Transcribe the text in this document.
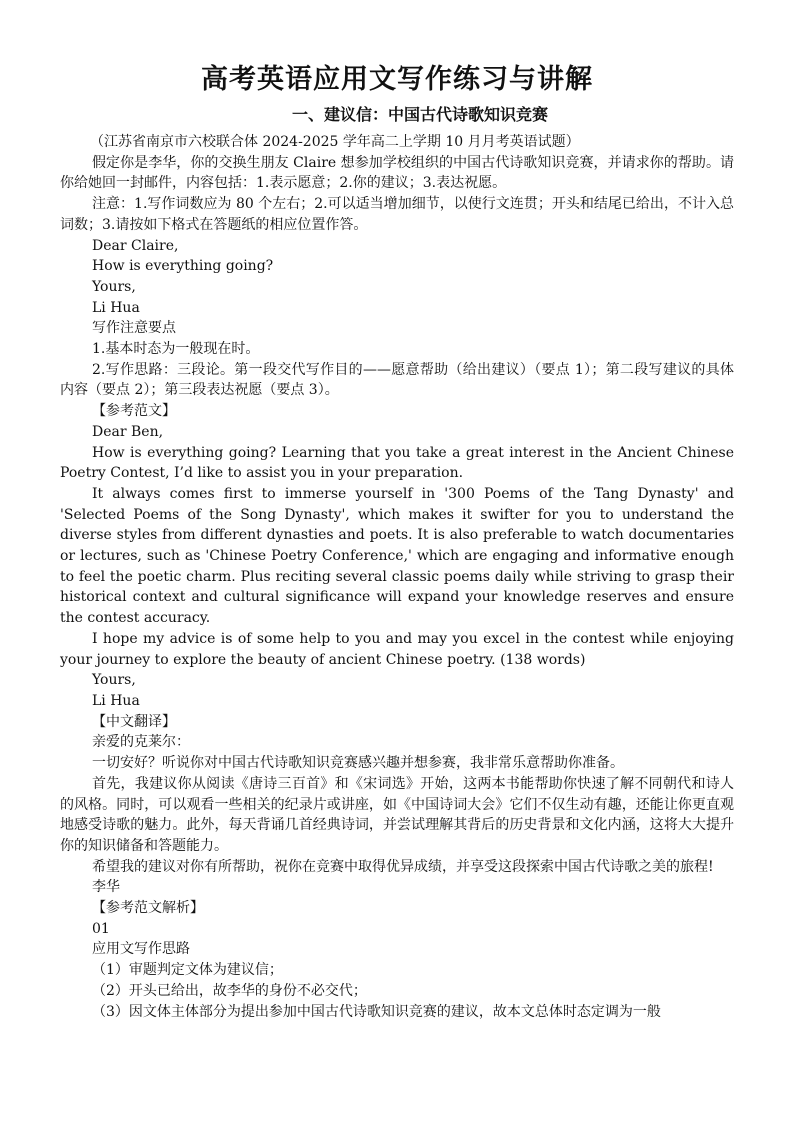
高考英语应用文写作练习与讲解
一、建议信：中国古代诗歌知识竞赛
（江苏省南京市六校联合体 2024-2025 学年高二上学期 10 月月考英语试题）

假定你是李华，你的交换生朋友 Claire 想参加学校组织的中国古代诗歌知识竞赛，并请求你的帮助。请你给她回一封邮件，内容包括：1.表示愿意；2.你的建议；3.表达祝愿。

注意：1.写作词数应为 80 个左右；2.可以适当增加细节，以使行文连贯；开头和结尾已给出，不计入总词数；3.请按如下格式在答题纸的相应位置作答。

Dear Claire,

How is everything going?

Yours,

Li Hua

写作注意要点

1.基本时态为一般现在时。

2.写作思路：三段论。第一段交代写作目的——愿意帮助（给出建议）（要点 1）；第二段写建议的具体内容（要点 2）；第三段表达祝愿（要点 3）。

【参考范文】

Dear Ben,

How is everything going? Learning that you take a great interest in the Ancient Chinese Poetry Contest, I’d like to assist you in your preparation.

It always comes first to immerse yourself in '300 Poems of the Tang Dynasty' and 'Selected Poems of the Song Dynasty', which makes it swifter for you to understand the diverse styles from different dynasties and poets. It is also preferable to watch documentaries or lectures, such as 'Chinese Poetry Conference,' which are engaging and informative enough to feel the poetic charm. Plus reciting several classic poems daily while striving to grasp their historical context and cultural significance will expand your knowledge reserves and ensure the contest accuracy.

I hope my advice is of some help to you and may you excel in the contest while enjoying your journey to explore the beauty of ancient Chinese poetry. (138 words)

Yours,

Li Hua

【中文翻译】

亲爱的克莱尔：

一切安好？听说你对中国古代诗歌知识竞赛感兴趣并想参赛，我非常乐意帮助你准备。

首先，我建议你从阅读《唐诗三百首》和《宋词选》开始，这两本书能帮助你快速了解不同朝代和诗人的风格。同时，可以观看一些相关的纪录片或讲座，如《中国诗词大会》它们不仅生动有趣，还能让你更直观地感受诗歌的魅力。此外，每天背诵几首经典诗词，并尝试理解其背后的历史背景和文化内涵，这将大大提升你的知识储备和答题能力。

希望我的建议对你有所帮助，祝你在竞赛中取得优异成绩，并享受这段探索中国古代诗歌之美的旅程!

李华

【参考范文解析】

01

应用文写作思路

（1）审题判定文体为建议信；

（2）开头已给出，故李华的身份不必交代；

（3）因文体主体部分为提出参加中国古代诗歌知识竞赛的建议，故本文总体时态定调为一般
